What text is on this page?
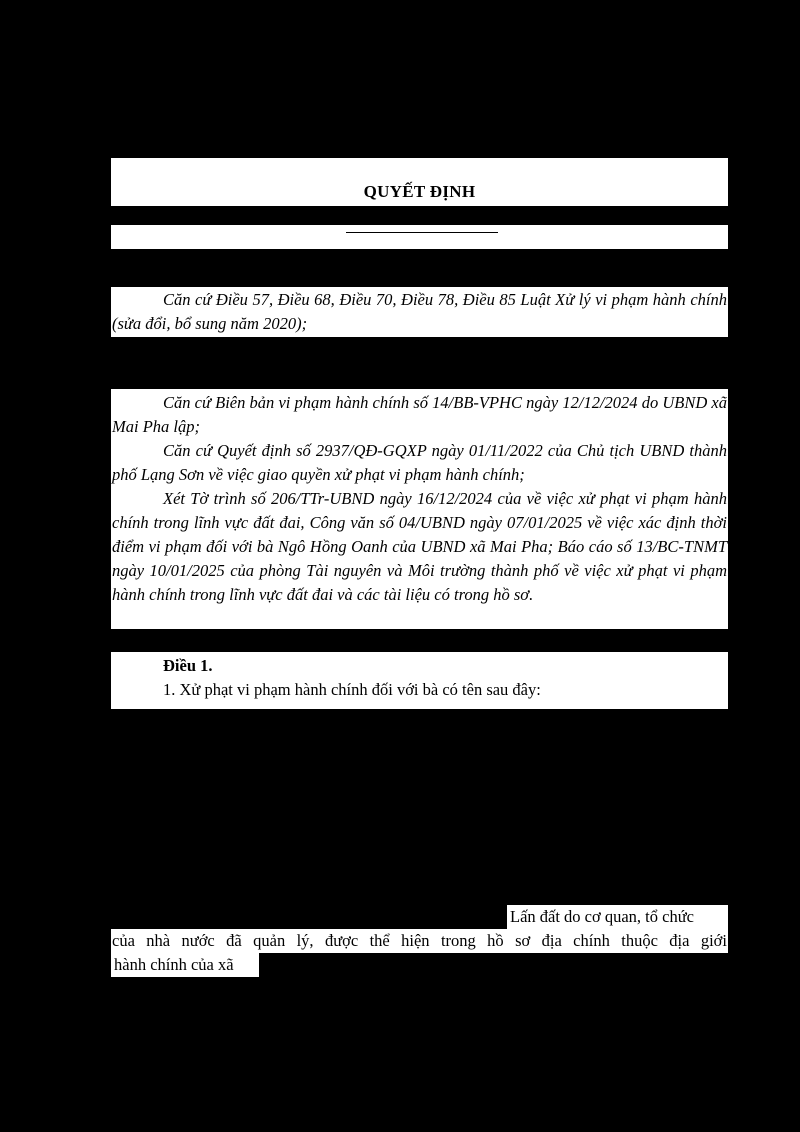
QUYẾT ĐỊNH

Căn cứ Điều 57, Điều 68, Điều 70, Điều 78, Điều 85 Luật Xử lý vi phạm hành chính (sửa đổi, bổ sung năm 2020);

Căn cứ Biên bản vi phạm hành chính số 14/BB-VPHC ngày 12/12/2024 do UBND xã Mai Pha lập;

Căn cứ Quyết định số 2937/QĐ-GQXP ngày 01/11/2022 của Chủ tịch UBND thành phố Lạng Sơn về việc giao quyền xử phạt vi phạm hành chính;

Xét Tờ trình số 206/TTr-UBND ngày 16/12/2024 của về việc xử phạt vi phạm hành chính trong lĩnh vực đất đai, Công văn số 04/UBND ngày 07/01/2025 về việc xác định thời điểm vi phạm đối với bà Ngô Hồng Oanh của UBND xã Mai Pha; Báo cáo số 13/BC-TNMT ngày 10/01/2025 của phòng Tài nguyên và Môi trường thành phố về việc xử phạt vi phạm hành chính trong lĩnh vực đất đai và các tài liệu có trong hồ sơ.

Điều 1.

1. Xử phạt vi phạm hành chính đối với bà có tên sau đây:

Lấn đất do cơ quan, tổ chức
của nhà nước đã quản lý, được thể hiện trong hồ sơ địa chính thuộc địa giới
hành chính của xã
